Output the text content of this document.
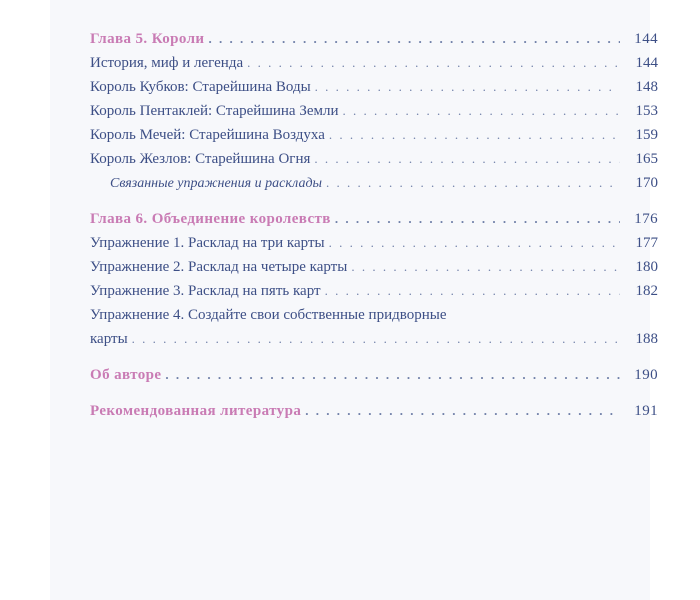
Глава 5. Короли . . .	144
История, миф и легенда . . .	144
Король Кубков: Старейшина Воды . . .	148
Король Пентаклей: Старейшина Земли . . .	153
Король Мечей: Старейшина Воздуха . . .	159
Король Жезлов: Старейшина Огня . . .	165
Связанные упражнения и расклады . . .	170
Глава 6. Объединение королевств . . .	176
Упражнение 1. Расклад на три карты . . .	177
Упражнение 2. Расклад на четыре карты . . .	180
Упражнение 3. Расклад на пять карт . . .	182
Упражнение 4. Создайте свои собственные придворные
карты . . .	188
Об авторе . . .	190
Рекомендованная литература . . .	191
